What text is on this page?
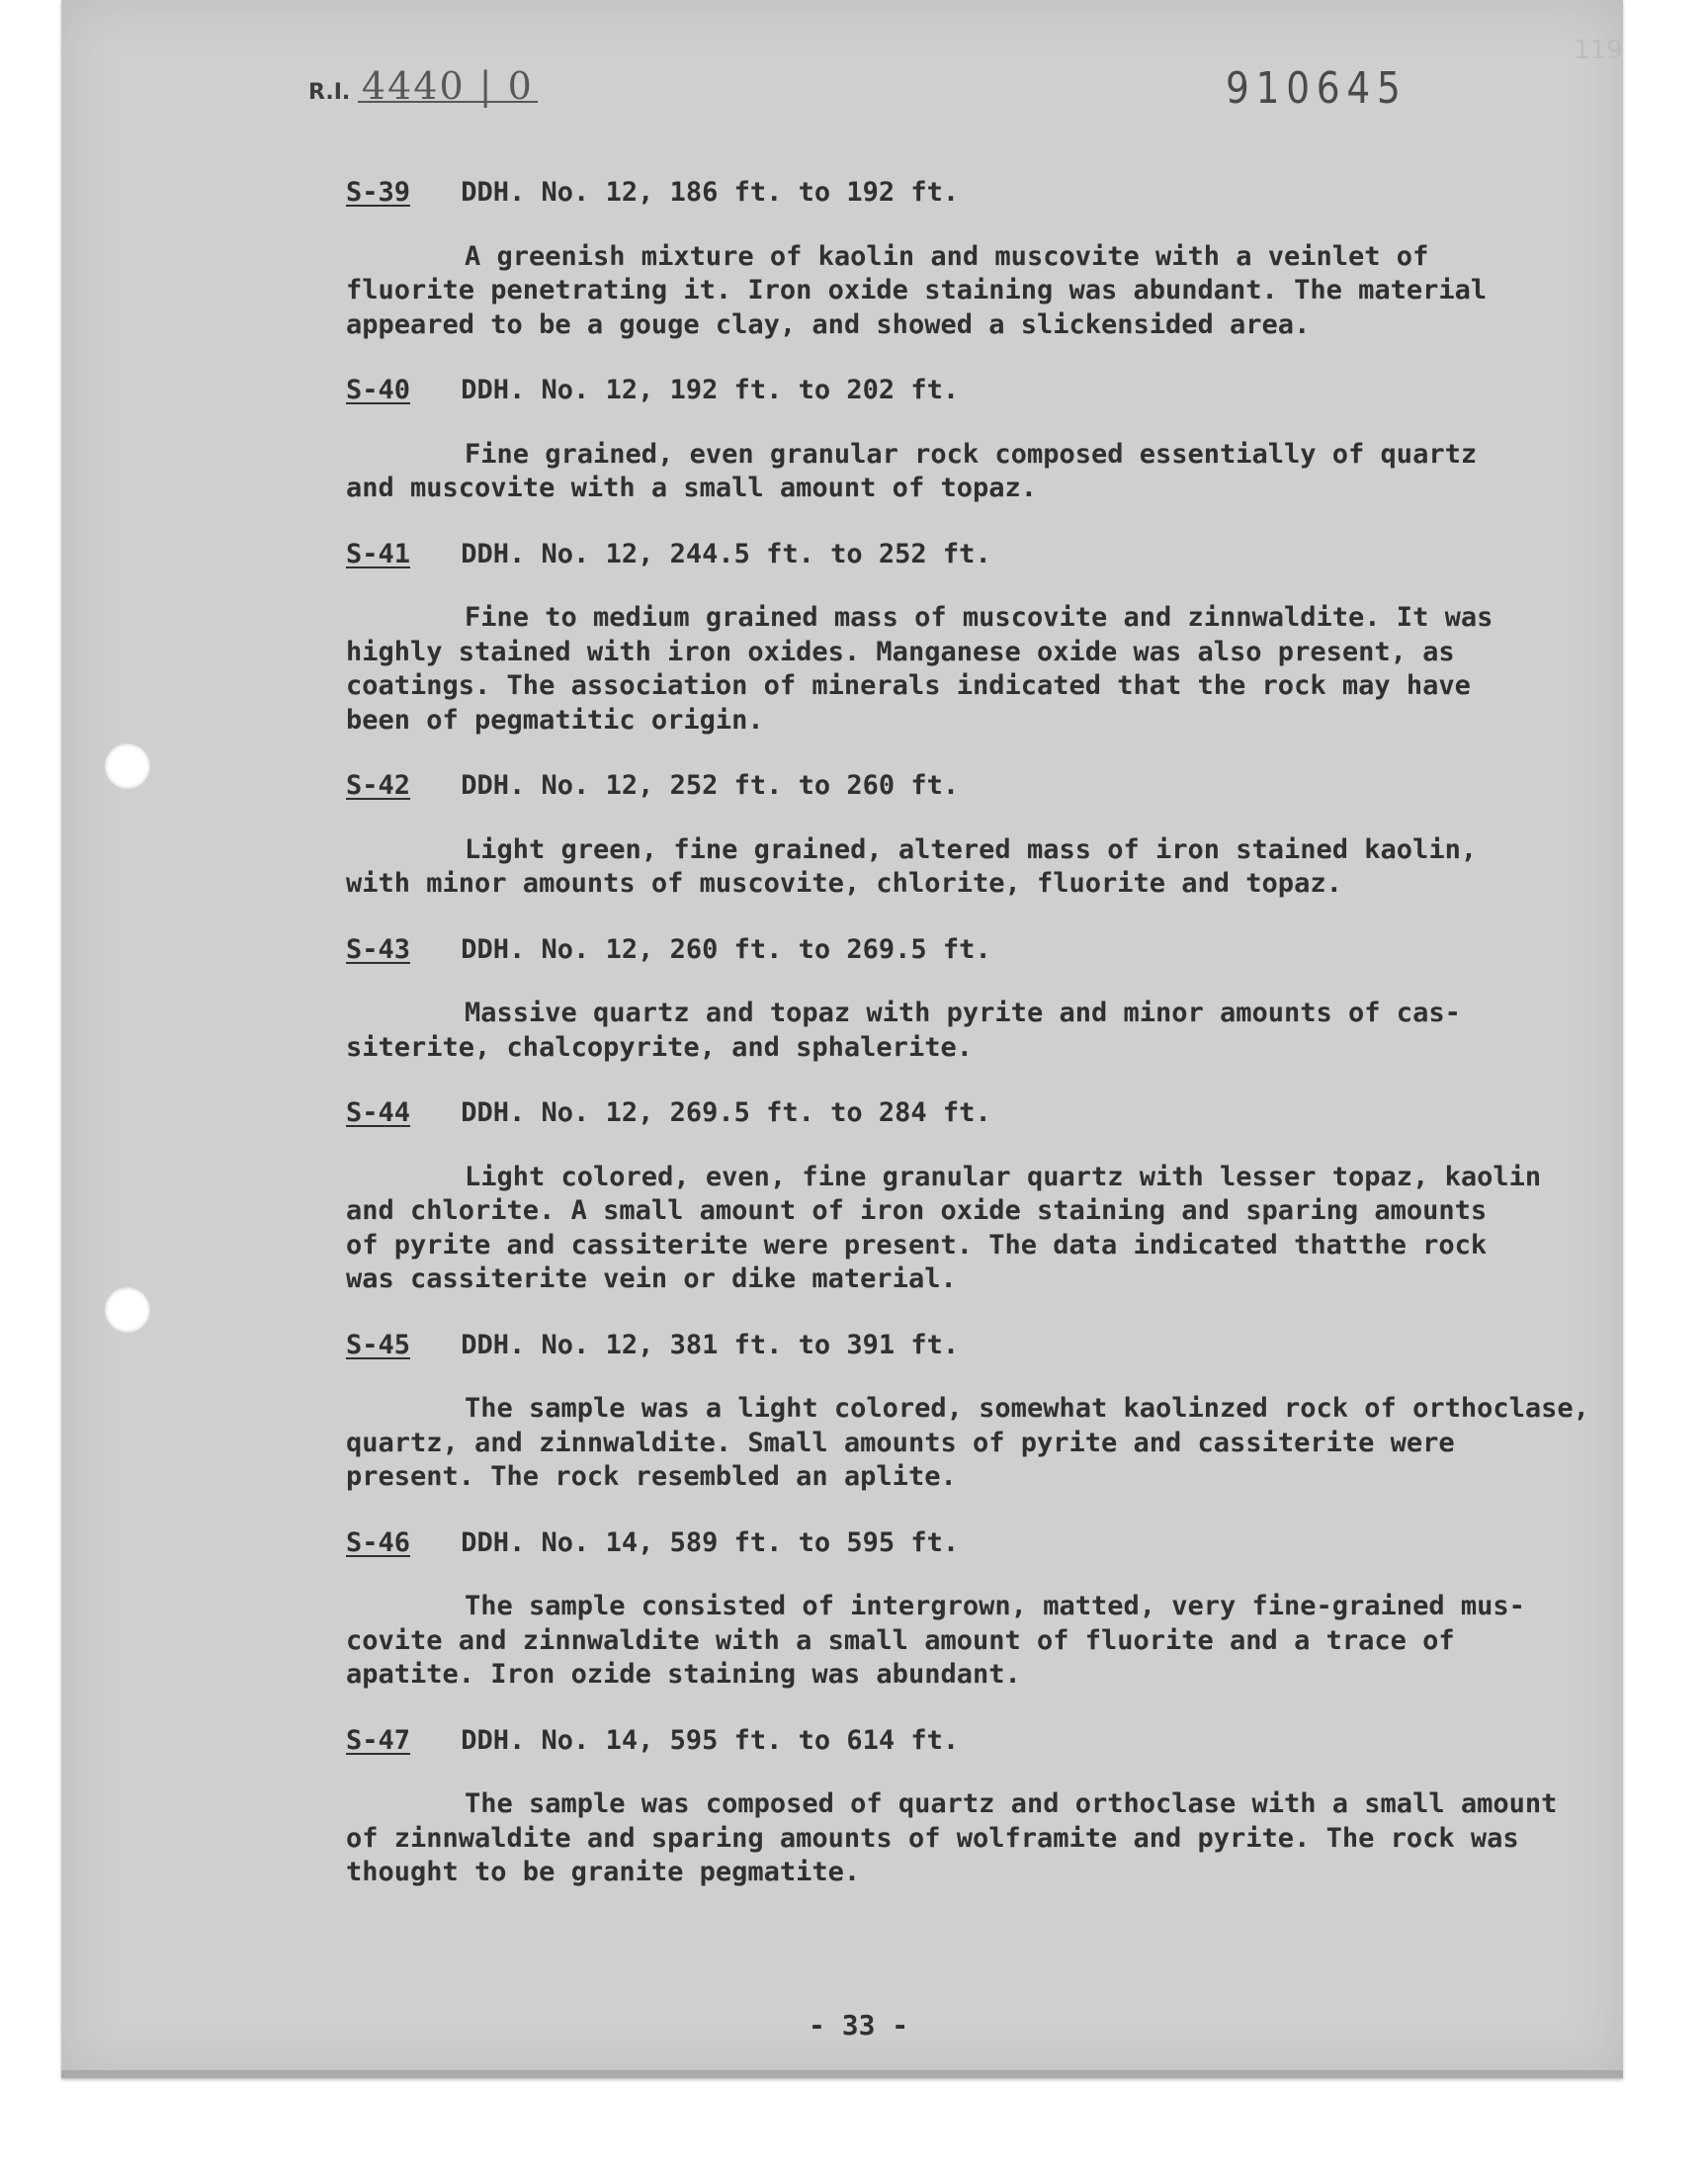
R.I. 4440 | 0	910645
119
S-39 DDH. No. 12, 186 ft. to 192 ft.

A greenish mixture of kaolin and muscovite with a veinlet of
fluorite penetrating it. Iron oxide staining was abundant. The material
appeared to be a gouge clay, and showed a slickensided area.

S-40 DDH. No. 12, 192 ft. to 202 ft.

Fine grained, even granular rock composed essentially of quartz
and muscovite with a small amount of topaz.

S-41 DDH. No. 12, 244.5 ft. to 252 ft.

Fine to medium grained mass of muscovite and zinnwaldite. It was
highly stained with iron oxides. Manganese oxide was also present, as
coatings. The association of minerals indicated that the rock may have
been of pegmatitic origin.

S-42 DDH. No. 12, 252 ft. to 260 ft.

Light green, fine grained, altered mass of iron stained kaolin,
with minor amounts of muscovite, chlorite, fluorite and topaz.

S-43 DDH. No. 12, 260 ft. to 269.5 ft.

Massive quartz and topaz with pyrite and minor amounts of cas-
siterite, chalcopyrite, and sphalerite.

S-44 DDH. No. 12, 269.5 ft. to 284 ft.

Light colored, even, fine granular quartz with lesser topaz, kaolin
and chlorite. A small amount of iron oxide staining and sparing amounts
of pyrite and cassiterite were present. The data indicated thatthe rock
was cassiterite vein or dike material.

S-45 DDH. No. 12, 381 ft. to 391 ft.

The sample was a light colored, somewhat kaolinzed rock of orthoclase,
quartz, and zinnwaldite. Small amounts of pyrite and cassiterite were
present. The rock resembled an aplite.

S-46 DDH. No. 14, 589 ft. to 595 ft.

The sample consisted of intergrown, matted, very fine-grained mus-
covite and zinnwaldite with a small amount of fluorite and a trace of
apatite. Iron ozide staining was abundant.

S-47 DDH. No. 14, 595 ft. to 614 ft.

The sample was composed of quartz and orthoclase with a small amount
of zinnwaldite and sparing amounts of wolframite and pyrite. The rock was
thought to be granite pegmatite.

- 33 -
